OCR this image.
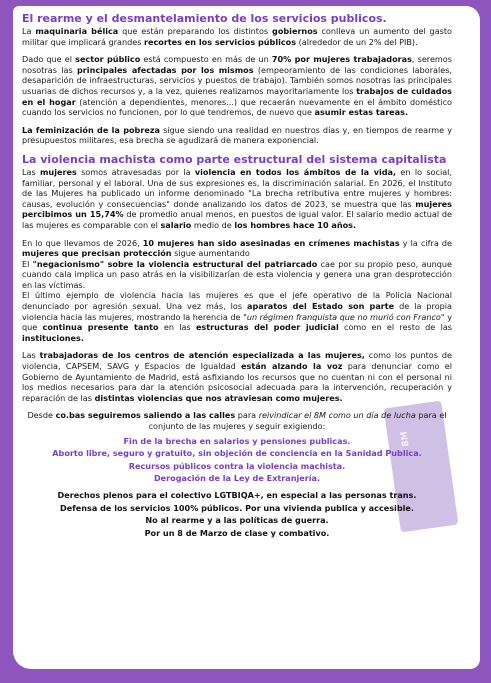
8M
El rearme y el desmantelamiento de los servicios publicos.

La maquinaria bélica que están preparando los distintos gobiernos conlleva un aumento del gasto militar que implicará grandes recortes en los servicios públicos (alrededor de un 2% del PIB).

Dado que el sector público está compuesto en más de un 70% por mujeres trabajadoras, seremos nosotras las principales afectadas por los mismos (empeoramiento de las condiciones laborales, desaparición de infraestructuras, servicios y puestos de trabajo). También somos nosotras las principales usuarias de dichos recursos y, a la vez, quienes realizamos mayoritariamente los trabajos de cuidados en el hogar (atención a dependientes, menores...) que recaerán nuevamente en el ámbito doméstico cuando los servicios no funcionen, por lo que tendremos, de nuevo que asumir estas tareas.

La feminización de la pobreza sigue siendo una realidad en nuestros días y, en tiempos de rearme y presupuestos militares, esa brecha se agudizará de manera exponencial.

La violencia machista como parte estructural del sistema capitalista

Las mujeres somos atravesadas por la violencia en todos los ámbitos de la vida, en lo social, familiar, personal y el laboral. Una de sus expresiones es, la discriminación salarial. En 2026, el Instituto de las Mujeres ha publicado un informe denominado "La brecha retributiva entre mujeres y hombres: causas, evolución y consecuencias" donde analizando los datos de 2023, se muestra que las mujeres percibimos un 15,74% de promedio anual menos, en puestos de igual valor. El salario medio actual de las mujeres es comparable con el salario medio de los hombres hace 10 años.

En lo que llevamos de 2026, 10 mujeres han sido asesinadas en crímenes machistas y la cifra de mujeres que precisan protección sigue aumentando

El "negacionismo" sobre la violencia estructural del patriarcado cae por su propio peso, aunque cuando cala implica un paso atrás en la visibilizarían de esta violencia y genera una gran desprotección en las víctimas.

El último ejemplo de violencia hacia las mujeres es que el jefe operativo de la Policía Nacional denunciado por agresión sexual. Una vez más, los aparatos del Estado son parte de la propia violencia hacia las mujeres, mostrando la herencia de "un régimen franquista que no murió con Franco" y que continua presente tanto en las estructuras del poder judicial como en el resto de las instituciones.

Las trabajadoras de los centros de atención especializada a las mujeres, como los puntos de violencia, CAPSEM, SAVG y Espacios de Igualdad están alzando la voz para denunciar como el Gobierno de Ayuntamiento de Madrid, está asfixiando los recursos que no cuentan ni con el personal ni los medios necesarios para dar la atención psicosocial adecuada para la intervención, recuperación y reparación de las distintas violencias que nos atraviesan como mujeres.

Desde co.bas seguiremos saliendo a las calles para reivindicar el 8M como un día de lucha para el conjunto de las mujeres y seguir exigiendo:

Fin de la brecha en salarios y pensiones publicas.

Aborto libre, seguro y gratuito, sin objeción de conciencia en la Sanidad Publica.

Recursos públicos contra la violencia machista.

Derogación de la Ley de Extranjería.

Derechos plenos para el colectivo LGTBIQA+, en especial a las personas trans.

Defensa de los servicios 100% públicos. Por una vivienda publica y accesible.

No al rearme y a las políticas de guerra.

Por un 8 de Marzo de clase y combativo.
